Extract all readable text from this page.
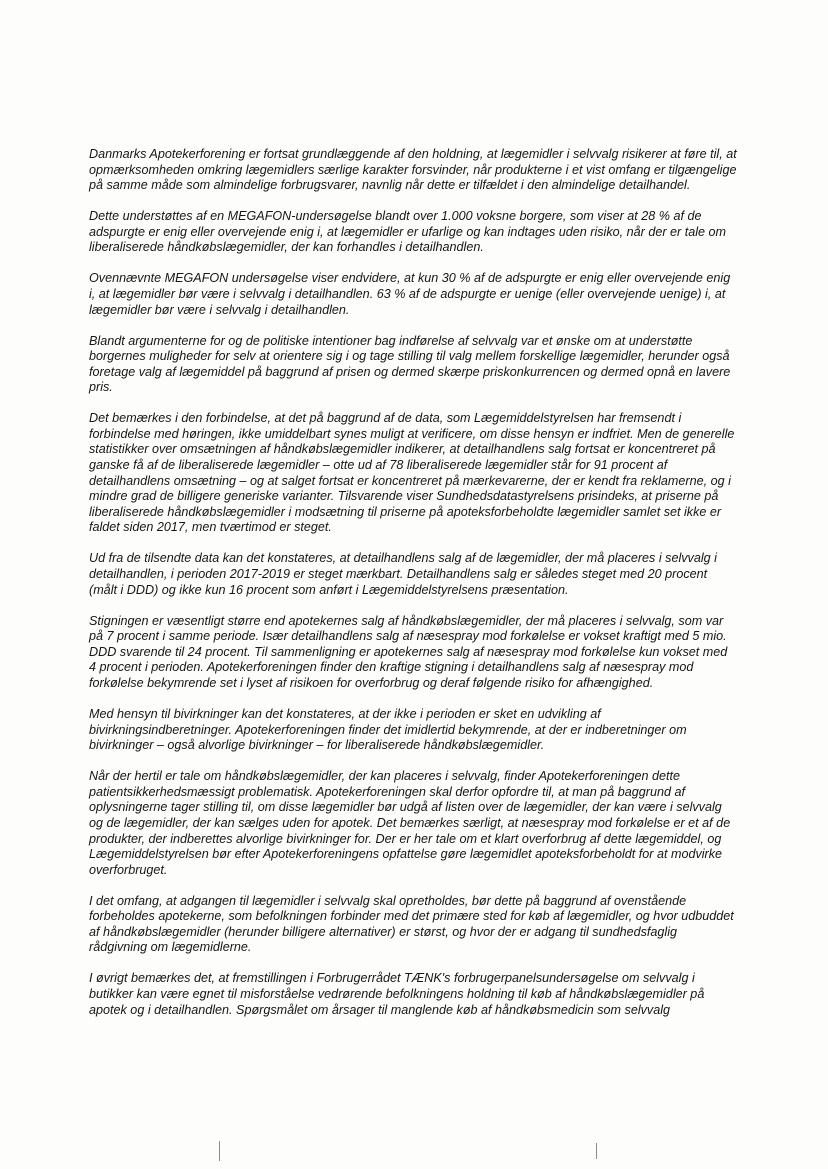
Danmarks Apotekerforening er fortsat grundlæggende af den holdning, at lægemidler i selvvalg risikerer at føre til, at opmærksomheden omkring lægemidlers særlige karakter forsvinder, når produkterne i et vist omfang er tilgængelige på samme måde som almindelige forbrugsvarer, navnlig når dette er tilfældet i den almindelige detailhandel.

Dette understøttes af en MEGAFON-undersøgelse blandt over 1.000 voksne borgere, som viser at 28 % af de adspurgte er enig eller overvejende enig i, at lægemidler er ufarlige og kan indtages uden risiko, når der er tale om liberaliserede håndkøbslægemidler, der kan forhandles i detailhandlen.

Ovennævnte MEGAFON undersøgelse viser endvidere, at kun 30 % af de adspurgte er enig eller overvejende enig i, at lægemidler bør være i selvvalg i detailhandlen. 63 % af de adspurgte er uenige (eller overvejende uenige) i, at lægemidler bør være i selvvalg i detailhandlen.

Blandt argumenterne for og de politiske intentioner bag indførelse af selvvalg var et ønske om at understøtte borgernes muligheder for selv at orientere sig i og tage stilling til valg mellem forskellige lægemidler, herunder også foretage valg af lægemiddel på baggrund af prisen og dermed skærpe priskonkurrencen og dermed opnå en lavere pris.

Det bemærkes i den forbindelse, at det på baggrund af de data, som Lægemiddelstyrelsen har fremsendt i forbindelse med høringen, ikke umiddelbart synes muligt at verificere, om disse hensyn er indfriet. Men de generelle statistikker over omsætningen af håndkøbslægemidler indikerer, at detailhandlens salg fortsat er koncentreret på ganske få af de liberaliserede lægemidler – otte ud af 78 liberaliserede lægemidler står for 91 procent af detailhandlens omsætning – og at salget fortsat er koncentreret på mærkevarerne, der er kendt fra reklamerne, og i mindre grad de billigere generiske varianter. Tilsvarende viser Sundhedsdatastyrelsens prisindeks, at priserne på liberaliserede håndkøbslægemidler i modsætning til priserne på apoteksforbeholdte lægemidler samlet set ikke er faldet siden 2017, men tværtimod er steget.

Ud fra de tilsendte data kan det konstateres, at detailhandlens salg af de lægemidler, der må placeres i selvvalg i detailhandlen, i perioden 2017-2019 er steget mærkbart. Detailhandlens salg er således steget med 20 procent (målt i DDD) og ikke kun 16 procent som anført i Lægemiddelstyrelsens præsentation.

Stigningen er væsentligt større end apotekernes salg af håndkøbslægemidler, der må placeres i selvvalg, som var på 7 procent i samme periode. Især detailhandlens salg af næsespray mod forkølelse er vokset kraftigt med 5 mio. DDD svarende til 24 procent. Til sammenligning er apotekernes salg af næsespray mod forkølelse kun vokset med 4 procent i perioden. Apotekerforeningen finder den kraftige stigning i detailhandlens salg af næsespray mod forkølelse bekymrende set i lyset af risikoen for overforbrug og deraf følgende risiko for afhængighed.

Med hensyn til bivirkninger kan det konstateres, at der ikke i perioden er sket en udvikling af bivirkningsindberetninger. Apotekerforeningen finder det imidlertid bekymrende, at der er indberetninger om bivirkninger – også alvorlige bivirkninger – for liberaliserede håndkøbslægemidler.

Når der hertil er tale om håndkøbslægemidler, der kan placeres i selvvalg, finder Apotekerforeningen dette patientsikkerhedsmæssigt problematisk. Apotekerforeningen skal derfor opfordre til, at man på baggrund af oplysningerne tager stilling til, om disse lægemidler bør udgå af listen over de lægemidler, der kan være i selvvalg og de lægemidler, der kan sælges uden for apotek. Det bemærkes særligt, at næsespray mod forkølelse er et af de produkter, der indberettes alvorlige bivirkninger for. Der er her tale om et klart overforbrug af dette lægemiddel, og Lægemiddelstyrelsen bør efter Apotekerforeningens opfattelse gøre lægemidlet apoteksforbeholdt for at modvirke overforbruget.

I det omfang, at adgangen til lægemidler i selvvalg skal opretholdes, bør dette på baggrund af ovenstående forbeholdes apotekerne, som befolkningen forbinder med det primære sted for køb af lægemidler, og hvor udbuddet af håndkøbslægemidler (herunder billigere alternativer) er størst, og hvor der er adgang til sundhedsfaglig rådgivning om lægemidlerne.

I øvrigt bemærkes det, at fremstillingen i Forbrugerrådet TÆNK's forbrugerpanelsundersøgelse om selvvalg i butikker kan være egnet til misforståelse vedrørende befolkningens holdning til køb af håndkøbslægemidler på apotek og i detailhandlen. Spørgsmålet om årsager til manglende køb af håndkøbsmedicin som selvvalg
